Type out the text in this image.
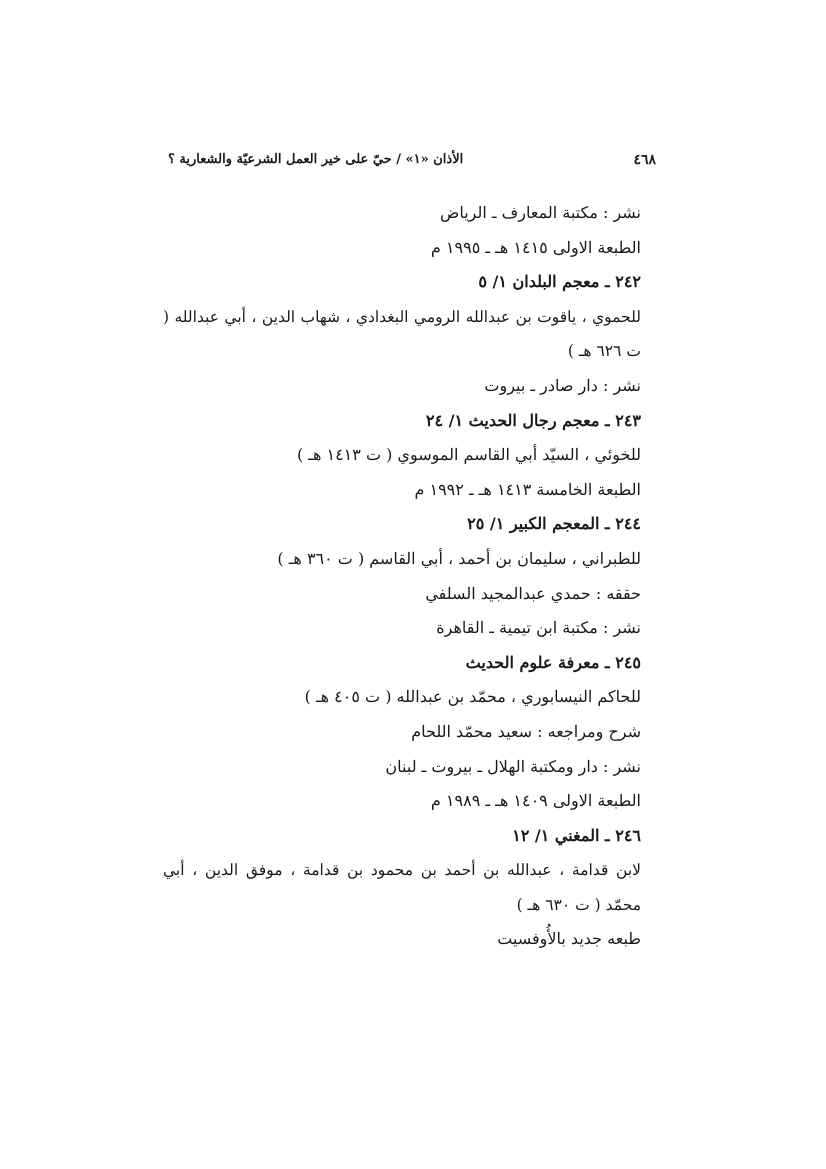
٤٦٨
الأذان «١» / حيّ على خير العمل الشرعيّة والشعارية ؟
نشر : مكتبة المعارف ـ الرياض
الطبعة الاولى ١٤١٥ هـ ـ ١٩٩٥ م
٢٤٢ ـ معجم البلدان ١/ ٥
للحموي ، ياقوت بن عبدالله الرومي البغدادي ، شهاب الدين ، أبي عبدالله ( ت ٦٢٦ هـ )
نشر : دار صادر ـ بيروت
٢٤٣ ـ معجم رجال الحديث ١/ ٢٤
للخوئي ، السيّد أبي القاسم الموسوي ( ت ١٤١٣ هـ )
الطبعة الخامسة ١٤١٣ هـ ـ ١٩٩٢ م
٢٤٤ ـ المعجم الكبير ١/ ٢٥
للطبراني ، سليمان بن أحمد ، أبي القاسم ( ت ٣٦٠ هـ )
حققه : حمدي عبدالمجيد السلفي
نشر : مكتبة ابن تيمية ـ القاهرة
٢٤٥ ـ معرفة علوم الحديث
للحاكم النيسابوري ، محمّد بن عبدالله ( ت ٤٠٥ هـ )
شرح ومراجعه : سعيد محمّد اللحام
نشر : دار ومكتبة الهلال ـ بيروت ـ لبنان
الطبعة الاولى ١٤٠٩ هـ ـ ١٩٨٩ م
٢٤٦ ـ المغني ١/ ١٢
لابن قدامة ، عبدالله بن أحمد بن محمود بن قدامة ، موفق الدين ، أبي محمّد ( ت ٦٣٠ هـ )
طبعه جديد بالأُوفسيت
